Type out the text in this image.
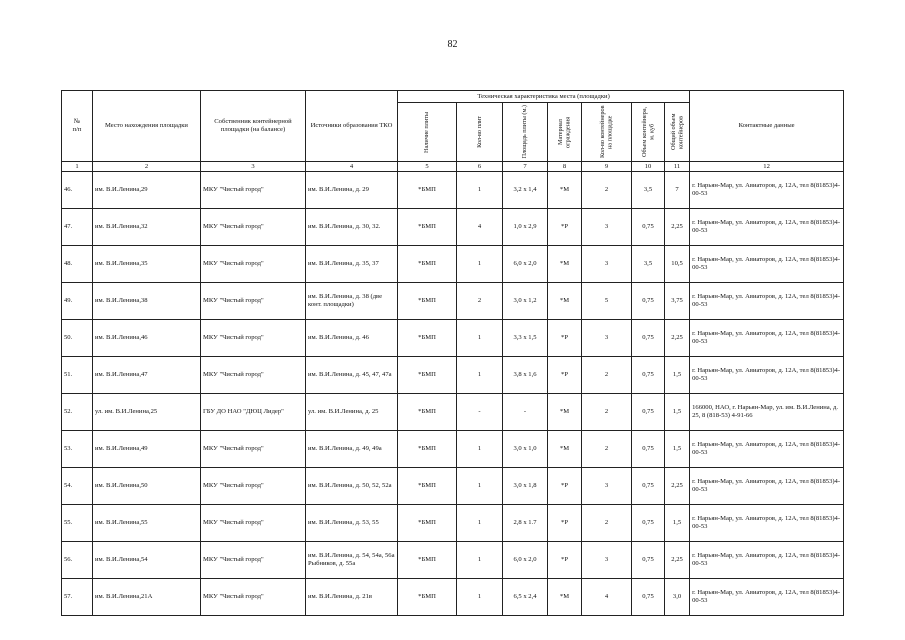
82
№
п/п	Место нахождения площадки	Собственник контейнерной площадки (на балансе)	Источники образования ТКО	Техническая характеристика места (площадки)							Контактные данные

				Наличие плиты	Кол-во плит	Площадь плиты (м.)	Материал ограждения	Кол-во контейнеров на площадке	Объем контейнера, м. куб	Общий объем контейнеров	

1	2	3	4	5	6	7	8	9	10	11	12
46.	им. В.И.Ленина,29	МКУ "Чистый город"	им. В.И.Ленина, д. 29	*БМП	1	3,2 х 1,4	*М	2	3,5	7	г. Нарьян-Мар, ул. Авиаторов, д. 12А, тел 8(81853)4-00-53
47.	им. В.И.Ленина,32	МКУ "Чистый город"	им. В.И.Ленина, д. 30, 32.	*БМП	4	1,0 х 2,9	*Р	3	0,75	2,25	г. Нарьян-Мар, ул. Авиаторов, д. 12А, тел 8(81853)4-00-53
48.	им. В.И.Ленина,35	МКУ "Чистый город"	им. В.И.Ленина, д. 35, 37	*БМП	1	6,0 х 2,0	*М	3	3,5	10,5	г. Нарьян-Мар, ул. Авиаторов, д. 12А, тел 8(81853)4-00-53
49.	им. В.И.Ленина,38	МКУ "Чистый город"	им. В.И.Ленина, д. 38 (две конт. площадки)	*БМП	2	3,0 х 1,2	*М	5	0,75	3,75	г. Нарьян-Мар, ул. Авиаторов, д. 12А, тел 8(81853)4-00-53
50.	им. В.И.Ленина,46	МКУ "Чистый город"	им. В.И.Ленина, д. 46	*БМП	1	3,3 х 1,5	*Р	3	0,75	2,25	г. Нарьян-Мар, ул. Авиаторов, д. 12А, тел 8(81853)4-00-53
51.	им. В.И.Ленина,47	МКУ "Чистый город"	им. В.И.Ленина, д. 45, 47, 47а	*БМП	1	3,8 х 1,6	*Р	2	0,75	1,5	г. Нарьян-Мар, ул. Авиаторов, д. 12А, тел 8(81853)4-00-53
52.	ул. им. В.И.Ленина,25	ГБУ ДО НАО "ДЮЦ Лидер"	ул. им. В.И.Ленина, д. 25	*БМП	-	-	*М	2	0,75	1,5	166000, НАО, г. Нарьян-Мар, ул. им. В.И.Ленина, д. 25, 8 (818-53) 4-91-66
53.	им. В.И.Ленина,49	МКУ "Чистый город"	им. В.И.Ленина, д. 49, 49а	*БМП	1	3,0 х 1,0	*М	2	0,75	1,5	г. Нарьян-Мар, ул. Авиаторов, д. 12А, тел 8(81853)4-00-53
54.	им. В.И.Ленина,50	МКУ "Чистый город"	им. В.И.Ленина, д. 50, 52, 52а	*БМП	1	3,0 х 1,8	*Р	3	0,75	2,25	г. Нарьян-Мар, ул. Авиаторов, д. 12А, тел 8(81853)4-00-53
55.	им. В.И.Ленина,55	МКУ "Чистый город"	им. В.И.Ленина, д. 53, 55	*БМП	1	2,8 х 1.7	*Р	2	0,75	1,5	г. Нарьян-Мар, ул. Авиаторов, д. 12А, тел 8(81853)4-00-53
56.	им. В.И.Ленина,54	МКУ "Чистый город"	им. В.И.Ленина, д. 54, 54а, 56а Рыбников, д. 55а	*БМП	1	6,0 х 2,0	*Р	3	0,75	2,25	г. Нарьян-Мар, ул. Авиаторов, д. 12А, тел 8(81853)4-00-53
57.	им. В.И.Ленина,21А	МКУ "Чистый город"	им. В.И.Ленина, д. 21в	*БМП	1	6,5 х 2,4	*М	4	0,75	3,0	г. Нарьян-Мар, ул. Авиаторов, д. 12А, тел 8(81853)4-00-53
